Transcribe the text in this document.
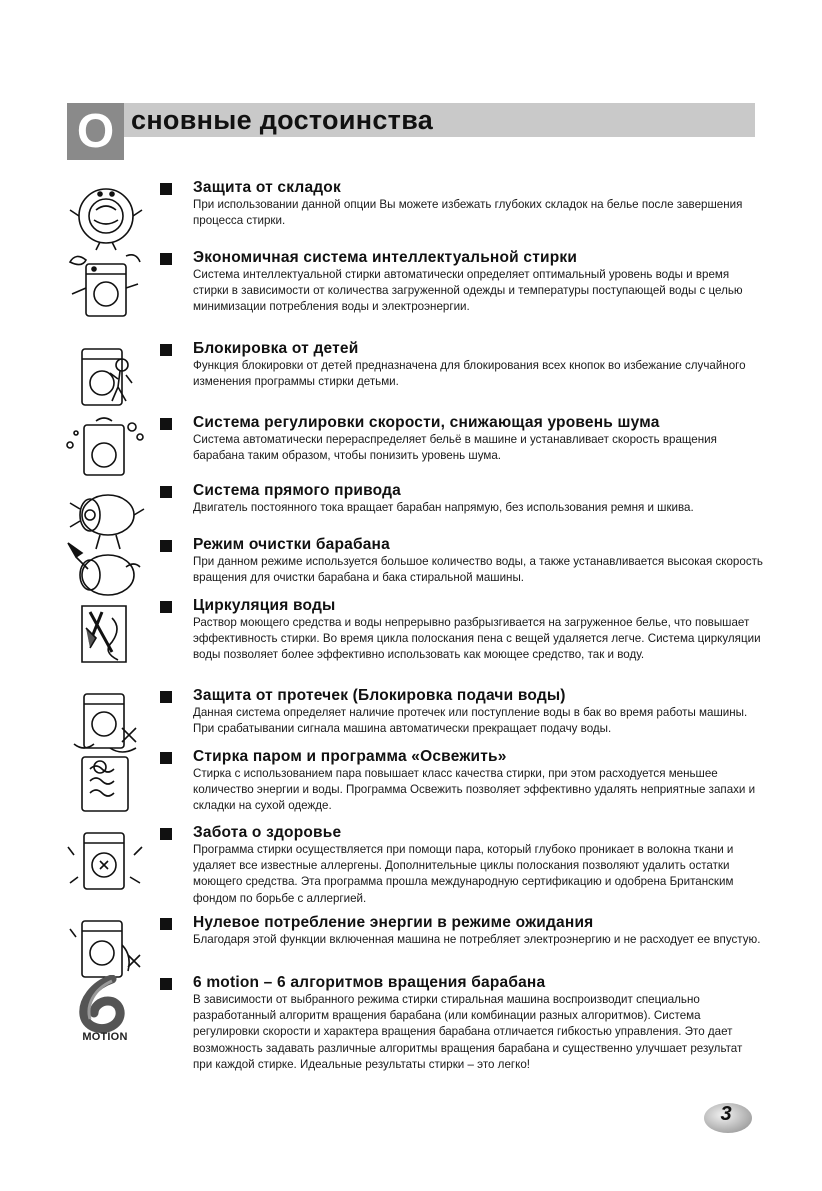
О сновные достоинства
Защита от складок
При использовании данной опции Вы можете избежать глубоких складок на белье после завершения процесса стирки.
Экономичная система интеллектуальной стирки
Система интеллектуальной стирки автоматически определяет оптимальный уровень воды и время стирки в зависимости от количества загруженной одежды и температуры поступающей воды с целью минимизации потребления воды и электроэнергии.
Блокировка от детей
Функция блокировки от детей предназначена для блокирования всех кнопок во избежание случайного изменения программы стирки детьми.
Система регулировки скорости, снижающая уровень шума
Система автоматически перераспределяет бельё в машине и устанавливает скорость вращения барабана таким образом, чтобы понизить уровень шума.
Система прямого привода
Двигатель постоянного тока вращает барабан напрямую, без использования ремня и шкива.
Режим очистки барабана
При данном режиме используется большое количество воды, а также устанавливается высокая скорость вращения для очистки барабана и бака стиральной машины.
Циркуляция воды
Раствор моющего средства и воды непрерывно разбрызгивается на загруженное белье, что повышает эффективность стирки. Во время цикла полоскания пена с вещей удаляется легче. Система циркуляции воды позволяет более эффективно использовать как моющее средство, так и воду.
Защита от протечек (Блокировка подачи воды)
Данная система определяет наличие протечек или поступление воды в бак во время работы машины. При срабатывании сигнала машина автоматически прекращает подачу воды.
Стирка паром и программа «Освежить»
Стирка с использованием пара повышает класс качества стирки, при этом расходуется меньшее количество энергии и воды. Программа Освежить позволяет эффективно удалять неприятные запахи и складки на сухой одежде.
Забота о здоровье
Программа стирки осуществляется при помощи пара, который глубоко проникает в волокна ткани и удаляет все известные аллергены. Дополнительные циклы полоскания позволяют удалить остатки моющего средства. Эта программа прошла международную сертификацию и одобрена Британским фондом по борьбе с аллергией.
Нулевое потребление энергии в режиме ожидания
Благодаря этой функции включенная машина не потребляет электроэнергию и не расходует ее впустую.
MOTION
6 motion – 6 алгоритмов вращения барабана
В зависимости от выбранного режима стирки стиральная машина воспроизводит специально разработанный алгоритм вращения барабана (или комбинации разных алгоритмов). Система регулировки скорости и характера вращения барабана отличается гибкостью управления. Это дает возможность задавать различные алгоритмы вращения барабана и существенно улучшает результат при каждой стирке. Идеальные результаты стирки – это легко!
3
